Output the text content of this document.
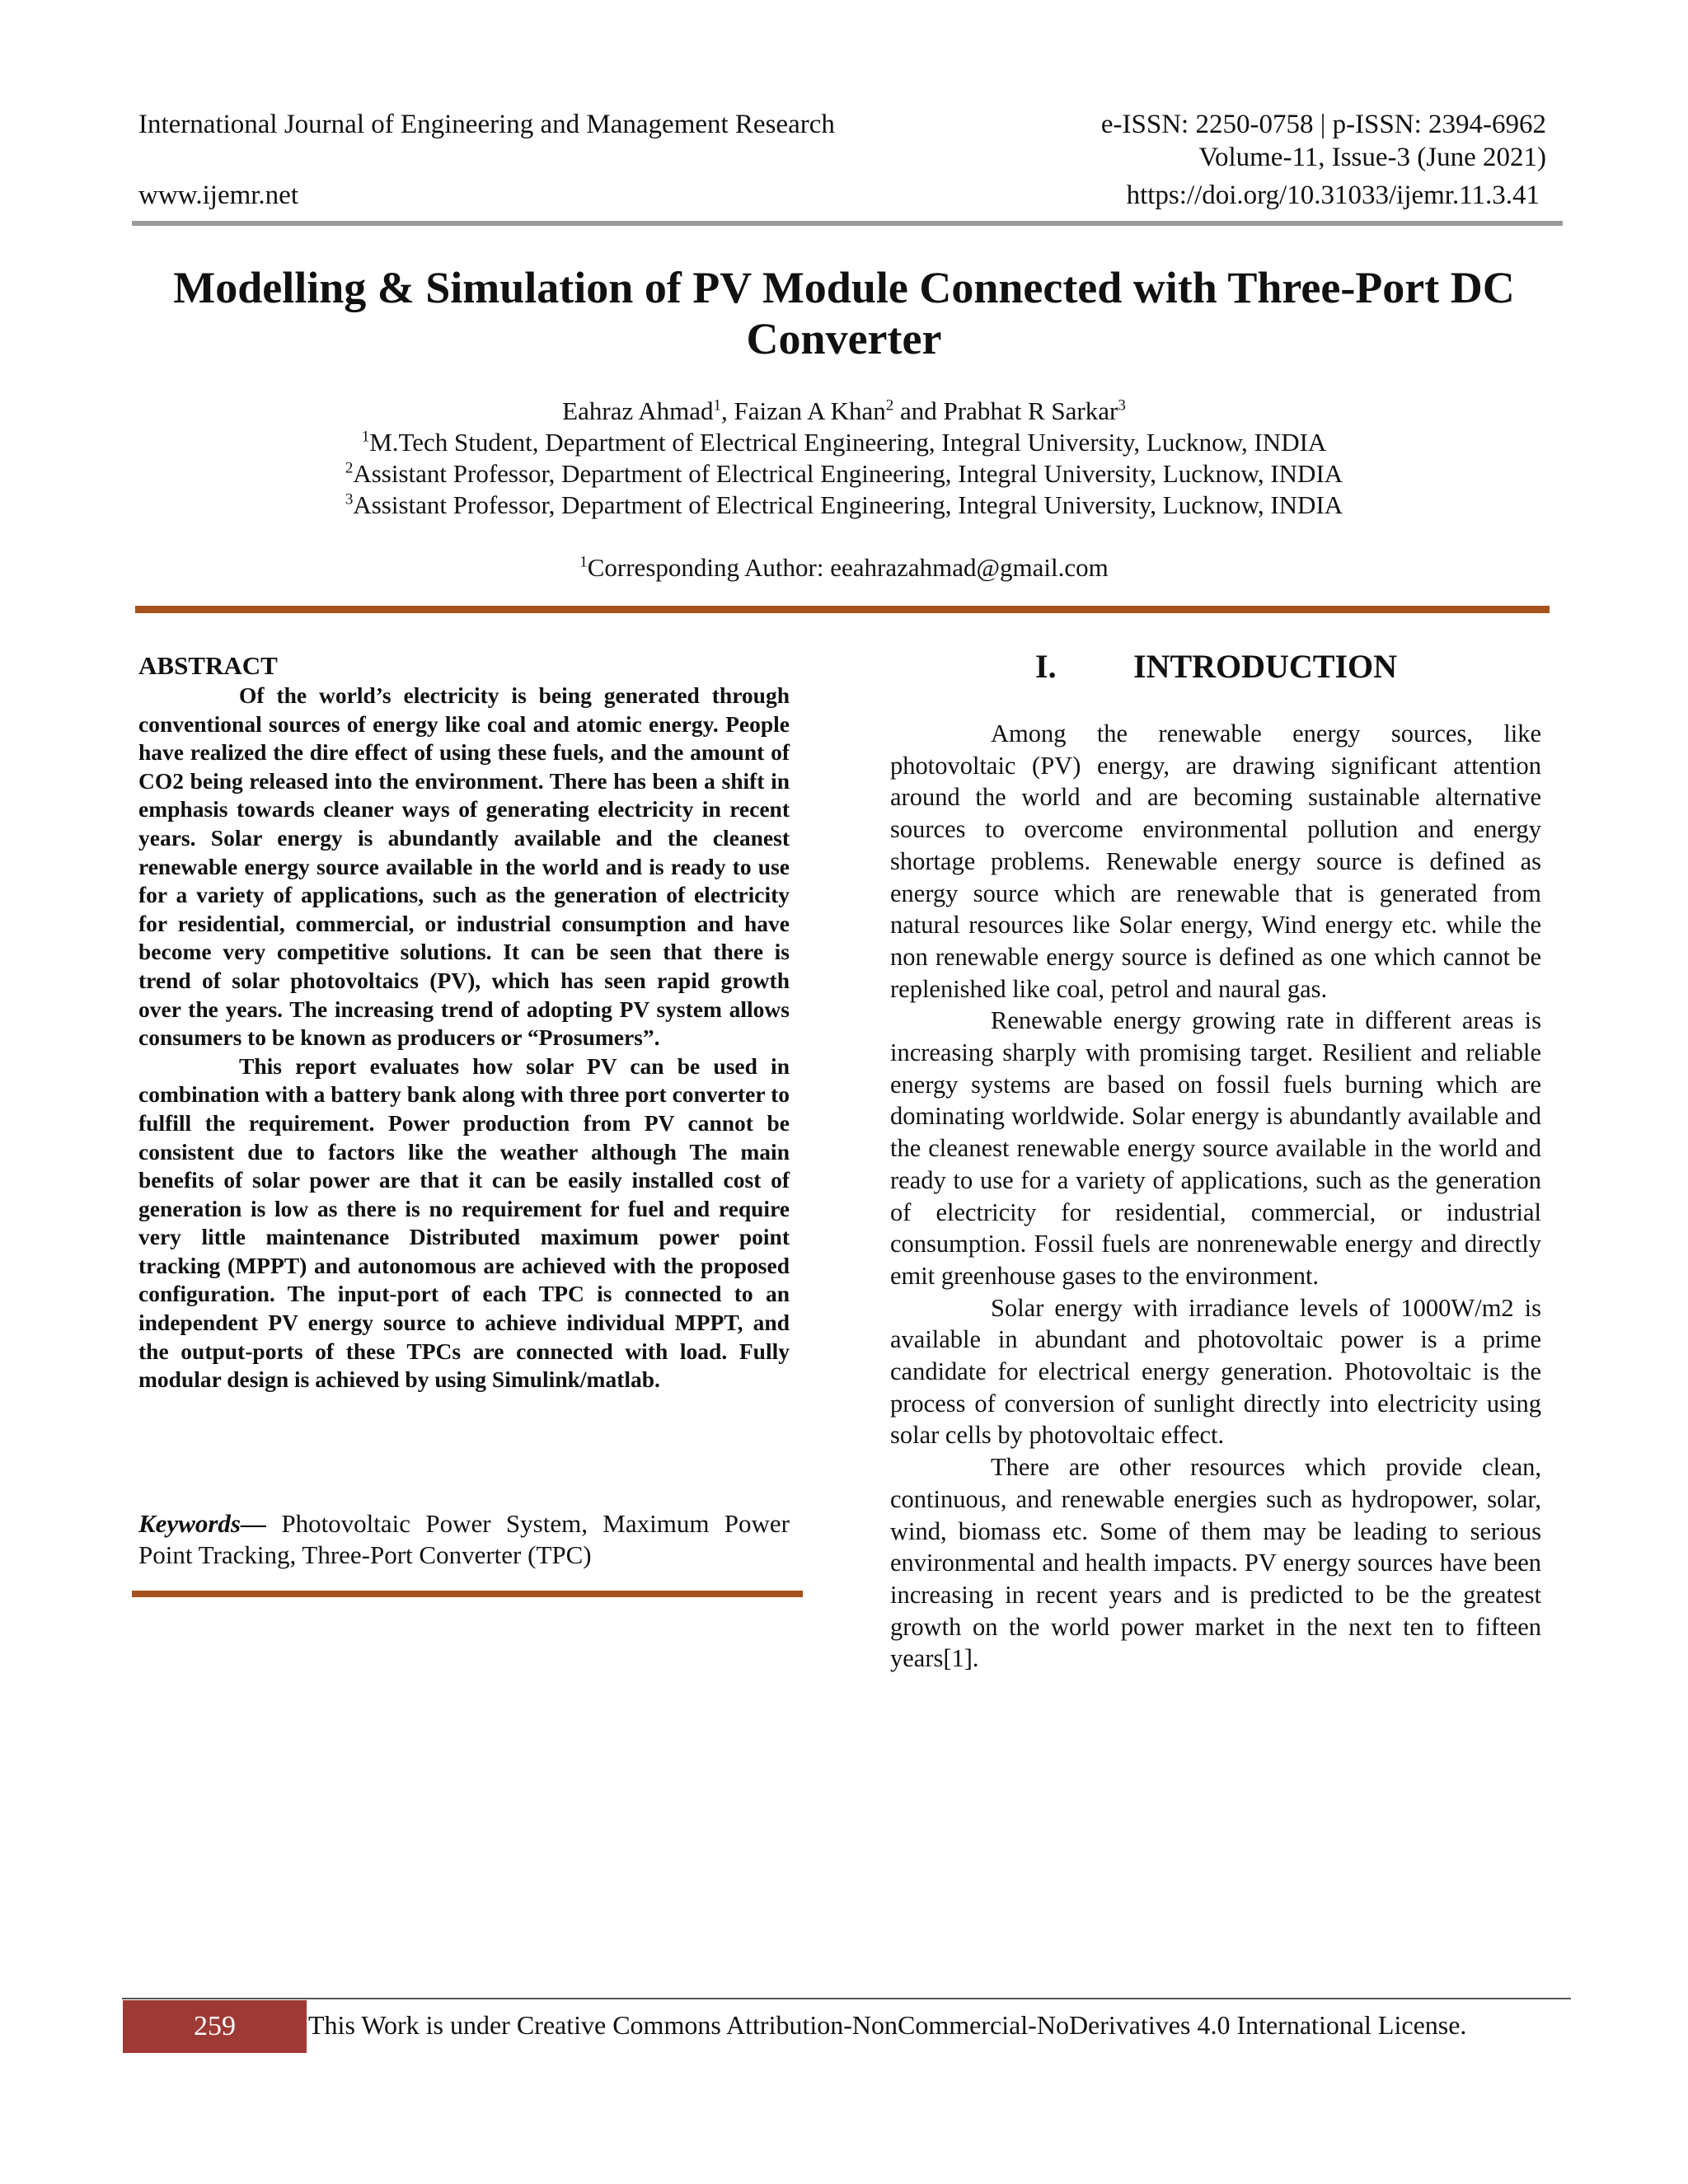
International Journal of Engineering and Management Research	e-ISSN: 2250-0758 | p-ISSN: 2394-6962
Volume-11, Issue-3 (June 2021)
www.ijemr.net	https://doi.org/10.31033/ijemr.11.3.41
Modelling & Simulation of PV Module Connected with Three-Port DC
Converter
Eahraz Ahmad$^1$, Faizan A Khan$^2$ and Prabhat R Sarkar$^3$
$^1$M.Tech Student, Department of Electrical Engineering, Integral University, Lucknow, INDIA
$^2$Assistant Professor, Department of Electrical Engineering, Integral University, Lucknow, INDIA
$^3$Assistant Professor, Department of Electrical Engineering, Integral University, Lucknow, INDIA
$^1$Corresponding Author: eeahrazahmad@gmail.com
ABSTRACT

Of the world’s electricity is being generated through conventional sources of energy like coal and atomic energy. People have realized the dire effect of using these fuels, and the amount of CO2 being released into the environment. There has been a shift in emphasis towards cleaner ways of generating electricity in recent years. Solar energy is abundantly available and the cleanest renewable energy source available in the world and is ready to use for a variety of applications, such as the generation of electricity for residential, commercial, or industrial consumption and have become very competitive solutions. It can be seen that there is trend of solar photovoltaics (PV), which has seen rapid growth over the years. The increasing trend of adopting PV system allows consumers to be known as producers or “Prosumers”.

This report evaluates how solar PV can be used in combination with a battery bank along with three port converter to fulfill the requirement. Power production from PV cannot be consistent due to factors like the weather although The main benefits of solar power are that it can be easily installed cost of generation is low as there is no requirement for fuel and require very little maintenance Distributed maximum power point tracking (MPPT) and autonomous are achieved with the proposed configuration. The input-port of each TPC is connected to an independent PV energy source to achieve individual MPPT, and the output-ports of these TPCs are connected with load. Fully modular design is achieved by using Simulink/matlab.

Keywords— Photovoltaic Power System, Maximum Power Point Tracking, Three-Port Converter (TPC)
I. INTRODUCTION

Among the renewable energy sources, like photovoltaic (PV) energy, are drawing significant attention around the world and are becoming sustainable alternative sources to overcome environmental pollution and energy shortage problems. Renewable energy source is defined as energy source which are renewable that is generated from natural resources like Solar energy, Wind energy etc. while the non renewable energy source is defined as one which cannot be replenished like coal, petrol and naural gas.

Renewable energy growing rate in different areas is increasing sharply with promising target. Resilient and reliable energy systems are based on fossil fuels burning which are dominating worldwide. Solar energy is abundantly available and the cleanest renewable energy source available in the world and ready to use for a variety of applications, such as the generation of electricity for residential, commercial, or industrial consumption. Fossil fuels are nonrenewable energy and directly emit greenhouse gases to the environment.

Solar energy with irradiance levels of 1000W/m2 is available in abundant and photovoltaic power is a prime candidate for electrical energy generation. Photovoltaic is the process of conversion of sunlight directly into electricity using solar cells by photovoltaic effect.

There are other resources which provide clean, continuous, and renewable energies such as hydropower, solar, wind, biomass etc. Some of them may be leading to serious environmental and health impacts. PV energy sources have been increasing in recent years and is predicted to be the greatest growth on the world power market in the next ten to fifteen years[1].

259	This Work is under Creative Commons Attribution-NonCommercial-NoDerivatives 4.0 International License.
